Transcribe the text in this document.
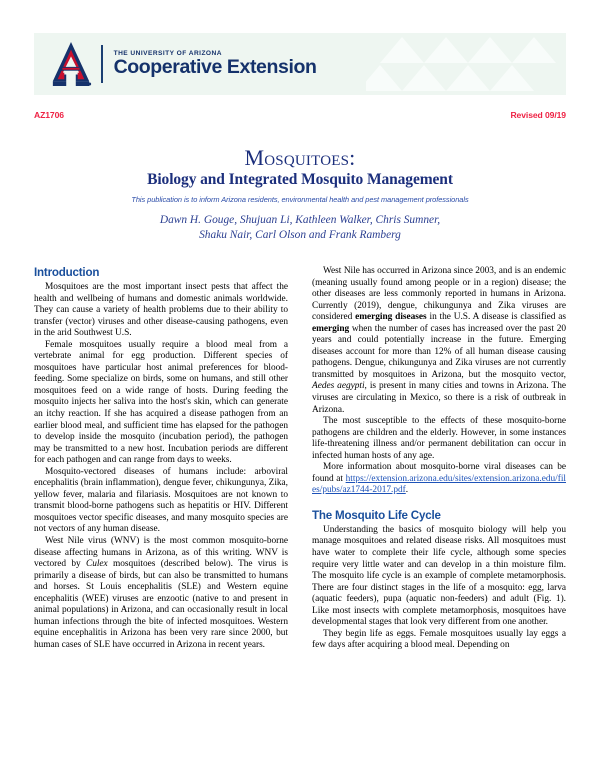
THE UNIVERSITY OF ARIZONA
Cooperative Extension
AZ1706	Revised 09/19
Mosquitoes:
Biology and Integrated Mosquito Management
This publication is to inform Arizona residents, environmental health and pest management professionals
Dawn H. Gouge, Shujuan Li, Kathleen Walker, Chris Sumner,
Shaku Nair, Carl Olson and Frank Ramberg
Introduction

Mosquitoes are the most important insect pests that affect the health and wellbeing of humans and domestic animals worldwide. They can cause a variety of health problems due to their ability to transfer (vector) viruses and other disease-causing pathogens, even in the arid Southwest U.S.

Female mosquitoes usually require a blood meal from a vertebrate animal for egg production. Different species of mosquitoes have particular host animal preferences for blood-feeding. Some specialize on birds, some on humans, and still other mosquitoes feed on a wide range of hosts. During feeding the mosquito injects her saliva into the host's skin, which can generate an itchy reaction. If she has acquired a disease pathogen from an earlier blood meal, and sufficient time has elapsed for the pathogen to develop inside the mosquito (incubation period), the pathogen may be transmitted to a new host. Incubation periods are different for each pathogen and can range from days to weeks.

Mosquito-vectored diseases of humans include: arboviral encephalitis (brain inflammation), dengue fever, chikungunya, Zika, yellow fever, malaria and filariasis. Mosquitoes are not known to transmit blood-borne pathogens such as hepatitis or HIV. Different mosquitoes vector specific diseases, and many mosquito species are not vectors of any human disease.

West Nile virus (WNV) is the most common mosquito-borne disease affecting humans in Arizona, as of this writing. WNV is vectored by Culex mosquitoes (described below). The virus is primarily a disease of birds, but can also be transmitted to humans and horses. St Louis encephalitis (SLE) and Western equine encephalitis (WEE) viruses are enzootic (native to and present in animal populations) in Arizona, and can occasionally result in local human infections through the bite of infected mosquitoes. Western equine encephalitis in Arizona has been very rare since 2000, but human cases of SLE have occurred in Arizona in recent years.

West Nile has occurred in Arizona since 2003, and is an endemic (meaning usually found among people or in a region) disease; the other diseases are less commonly reported in humans in Arizona. Currently (2019), dengue, chikungunya and Zika viruses are considered emerging diseases in the U.S. A disease is classified as emerging when the number of cases has increased over the past 20 years and could potentially increase in the future. Emerging diseases account for more than 12% of all human disease causing pathogens. Dengue, chikungunya and Zika viruses are not currently transmitted by mosquitoes in Arizona, but the mosquito vector, Aedes aegypti, is present in many cities and towns in Arizona. The viruses are circulating in Mexico, so there is a risk of outbreak in Arizona.

The most susceptible to the effects of these mosquito-borne pathogens are children and the elderly. However, in some instances life-threatening illness and/or permanent debilitation can occur in infected human hosts of any age.

More information about mosquito-borne viral diseases can be found at https://extension.arizona.edu/sites/extension.arizona.edu/files/pubs/az1744-2017.pdf.

The Mosquito Life Cycle

Understanding the basics of mosquito biology will help you manage mosquitoes and related disease risks. All mosquitoes must have water to complete their life cycle, although some species require very little water and can develop in a thin moisture film. The mosquito life cycle is an example of complete metamorphosis. There are four distinct stages in the life of a mosquito: egg, larva (aquatic feeders), pupa (aquatic non-feeders) and adult (Fig. 1). Like most insects with complete metamorphosis, mosquitoes have developmental stages that look very different from one another.

They begin life as eggs. Female mosquitoes usually lay eggs a few days after acquiring a blood meal. Depending on
